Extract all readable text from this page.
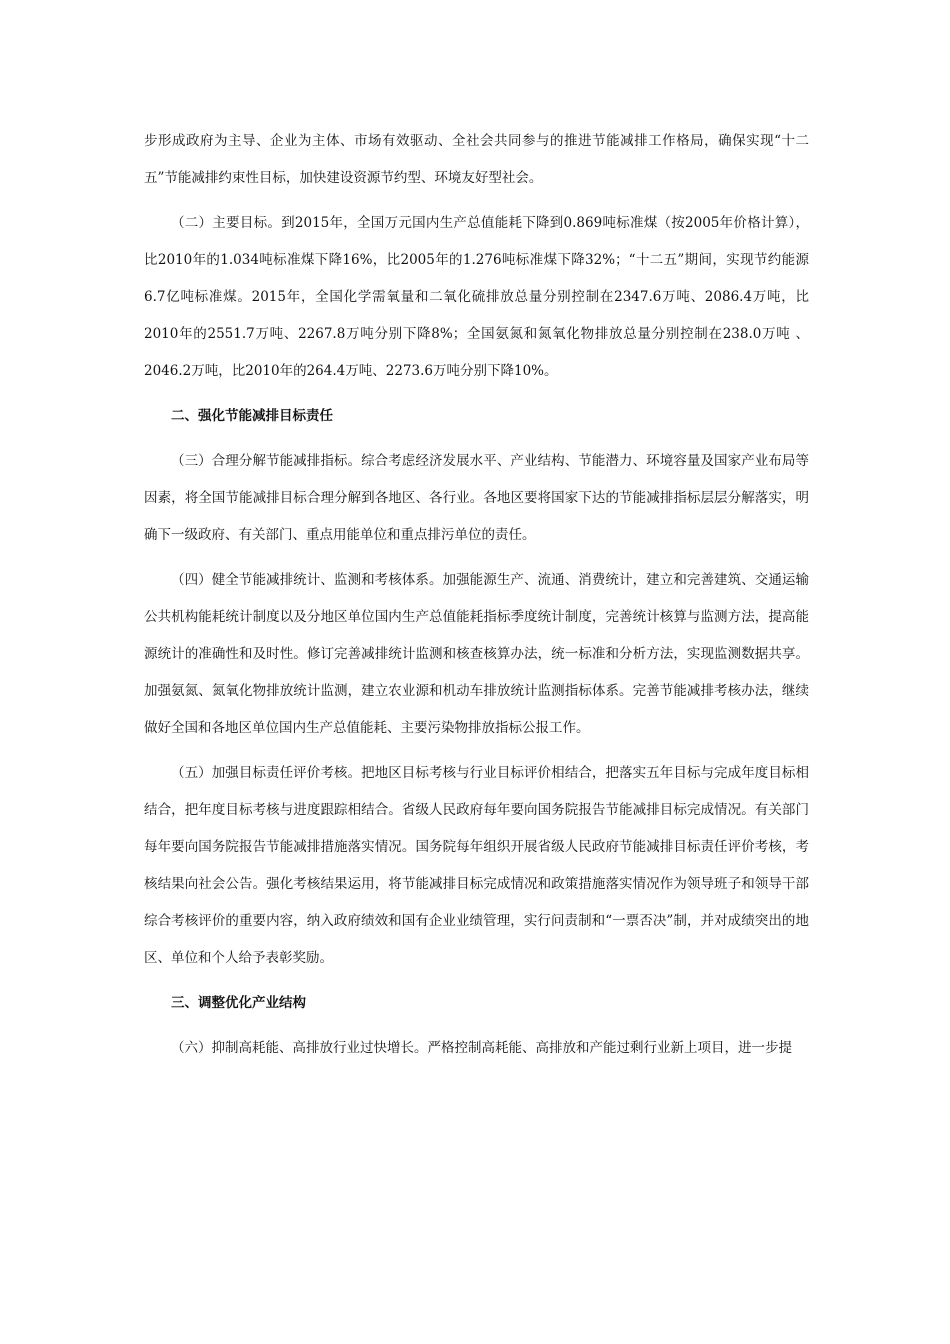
步形成政府为主导、企业为主体、市场有效驱动、全社会共同参与的推进节能减排工作格局，确保实现“十二五”节能减排约束性目标，加快建设资源节约型、环境友好型社会。

（二）主要目标。到2015年，全国万元国内生产总值能耗下降到0.869吨标准煤（按2005年价格计算），比2010年的1.034吨标准煤下降16%，比2005年的1.276吨标准煤下降32%；“十二五”期间，实现节约能源6.7亿吨标准煤。2015年，全国化学需氧量和二氧化硫排放总量分别控制在2347.6万吨、2086.4万吨，比2010年的2551.7万吨、2267.8万吨分别下降8%；全国氨氮和氮氧化物排放总量分别控制在238.0万吨 、2046.2万吨，比2010年的264.4万吨、2273.6万吨分别下降10%。

二、强化节能减排目标责任

（三）合理分解节能减排指标。综合考虑经济发展水平、产业结构、节能潜力、环境容量及国家产业布局等因素，将全国节能减排目标合理分解到各地区、各行业。各地区要将国家下达的节能减排指标层层分解落实，明确下一级政府、有关部门、重点用能单位和重点排污单位的责任。

（四）健全节能减排统计、监测和考核体系。加强能源生产、流通、消费统计，建立和完善建筑、交通运输公共机构能耗统计制度以及分地区单位国内生产总值能耗指标季度统计制度，完善统计核算与监测方法，提高能源统计的准确性和及时性。修订完善减排统计监测和核查核算办法，统一标准和分析方法，实现监测数据共享。加强氨氮、氮氧化物排放统计监测，建立农业源和机动车排放统计监测指标体系。完善节能减排考核办法，继续做好全国和各地区单位国内生产总值能耗、主要污染物排放指标公报工作。

（五）加强目标责任评价考核。把地区目标考核与行业目标评价相结合，把落实五年目标与完成年度目标相结合，把年度目标考核与进度跟踪相结合。省级人民政府每年要向国务院报告节能减排目标完成情况。有关部门每年要向国务院报告节能减排措施落实情况。国务院每年组织开展省级人民政府节能减排目标责任评价考核，考核结果向社会公告。强化考核结果运用，将节能减排目标完成情况和政策措施落实情况作为领导班子和领导干部综合考核评价的重要内容，纳入政府绩效和国有企业业绩管理，实行问责制和“一票否决”制，并对成绩突出的地区、单位和个人给予表彰奖励。

三、调整优化产业结构

（六）抑制高耗能、高排放行业过快增长。严格控制高耗能、高排放和产能过剩行业新上项目，进一步提
